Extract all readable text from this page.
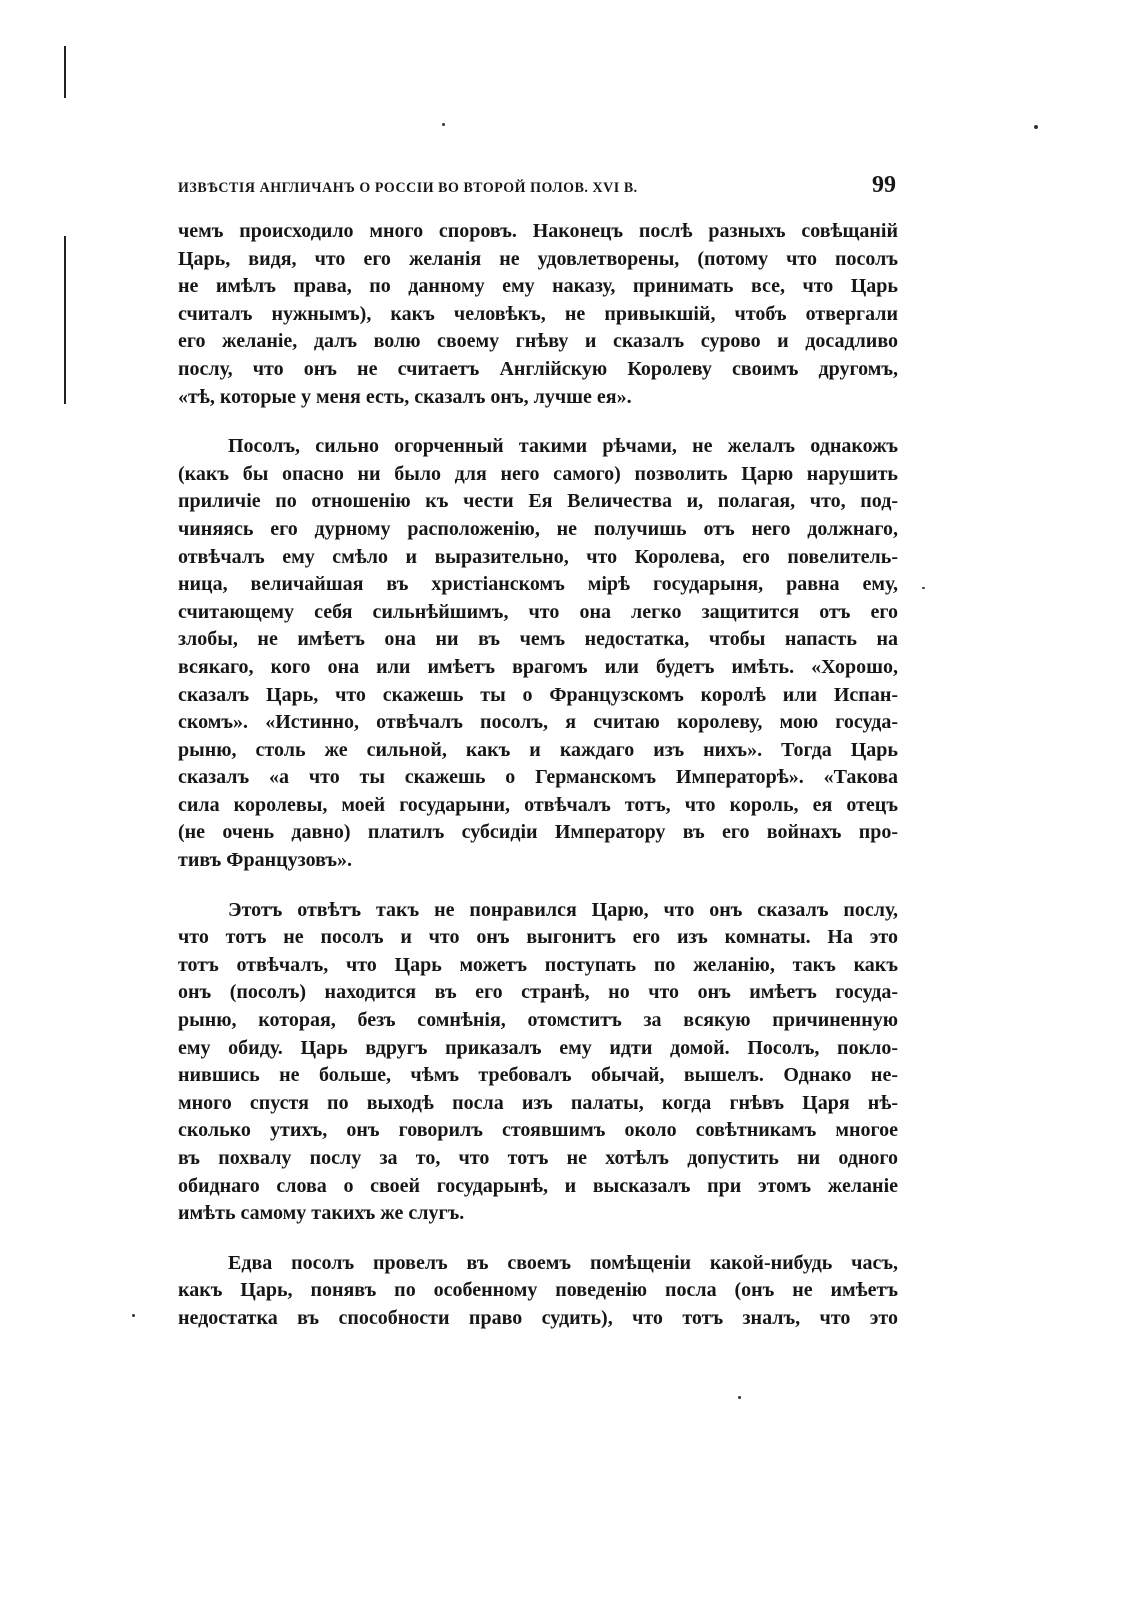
ИЗВѢСТІЯ АНГЛИЧАНЪ О РОССІИ ВО ВТОРОЙ ПОЛОВ. XVI В.	99
чемъ происходило много споровъ. Наконецъ послѣ разныхъ совѣщаній
Царь, видя, что его желанія не удовлетворены, (потому что посолъ
не имѣлъ права, по данному ему наказу, принимать все, что Царь
считалъ нужнымъ), какъ человѣкъ, не привыкшій, чтобъ отвергали
его желаніе, далъ волю своему гнѣву и сказалъ сурово и досадливо
послу, что онъ не считаетъ Англійскую Королеву своимъ другомъ,
«тѣ, которые у меня есть, сказалъ онъ, лучше ея».
Посолъ, сильно огорченный такими рѣчами, не желалъ однакожъ
(какъ бы опасно ни было для него самого) позволить Царю нарушить
приличіе по отношенію къ чести Ея Величества и, полагая, что, под-
чиняясь его дурному расположенію, не получишь отъ него должнаго,
отвѣчалъ ему смѣло и выразительно, что Королева, его повелитель-
ница, величайшая въ христіанскомъ мірѣ государыня, равна ему,
считающему себя сильнѣйшимъ, что она легко защитится отъ его
злобы, не имѣетъ она ни въ чемъ недостатка, чтобы напасть на
всякаго, кого она или имѣетъ врагомъ или будетъ имѣть. «Хорошо,
сказалъ Царь, что скажешь ты о Французскомъ королѣ или Испан-
скомъ». «Истинно, отвѣчалъ посолъ, я считаю королеву, мою госуда-
рыню, столь же сильной, какъ и каждаго изъ нихъ». Тогда Царь
сказалъ «а что ты скажешь о Германскомъ Императорѣ». «Такова
сила королевы, моей государыни, отвѣчалъ тотъ, что король, ея отецъ
(не очень давно) платилъ субсидіи Императору въ его войнахъ про-
тивъ Французовъ».
Этотъ отвѣтъ такъ не понравился Царю, что онъ сказалъ послу,
что тотъ не посолъ и что онъ выгонитъ его изъ комнаты. На это
тотъ отвѣчалъ, что Царь можетъ поступать по желанію, такъ какъ
онъ (посолъ) находится въ его странѣ, но что онъ имѣетъ госуда-
рыню, которая, безъ сомнѣнія, отомститъ за всякую причиненную
ему обиду. Царь вдругъ приказалъ ему идти домой. Посолъ, покло-
нившись не больше, чѣмъ требовалъ обычай, вышелъ. Однако не-
много спустя по выходѣ посла изъ палаты, когда гнѣвъ Царя нѣ-
сколько утихъ, онъ говорилъ стоявшимъ около совѣтникамъ многое
въ похвалу послу за то, что тотъ не хотѣлъ допустить ни одного
обиднаго слова о своей государынѣ, и высказалъ при этомъ желаніе
имѣть самому такихъ же слугъ.
Едва посолъ провелъ въ своемъ помѣщеніи какой-нибудь часъ,
какъ Царь, понявъ по особенному поведенію посла (онъ не имѣетъ
недостатка въ способности право судить), что тотъ зналъ, что это
